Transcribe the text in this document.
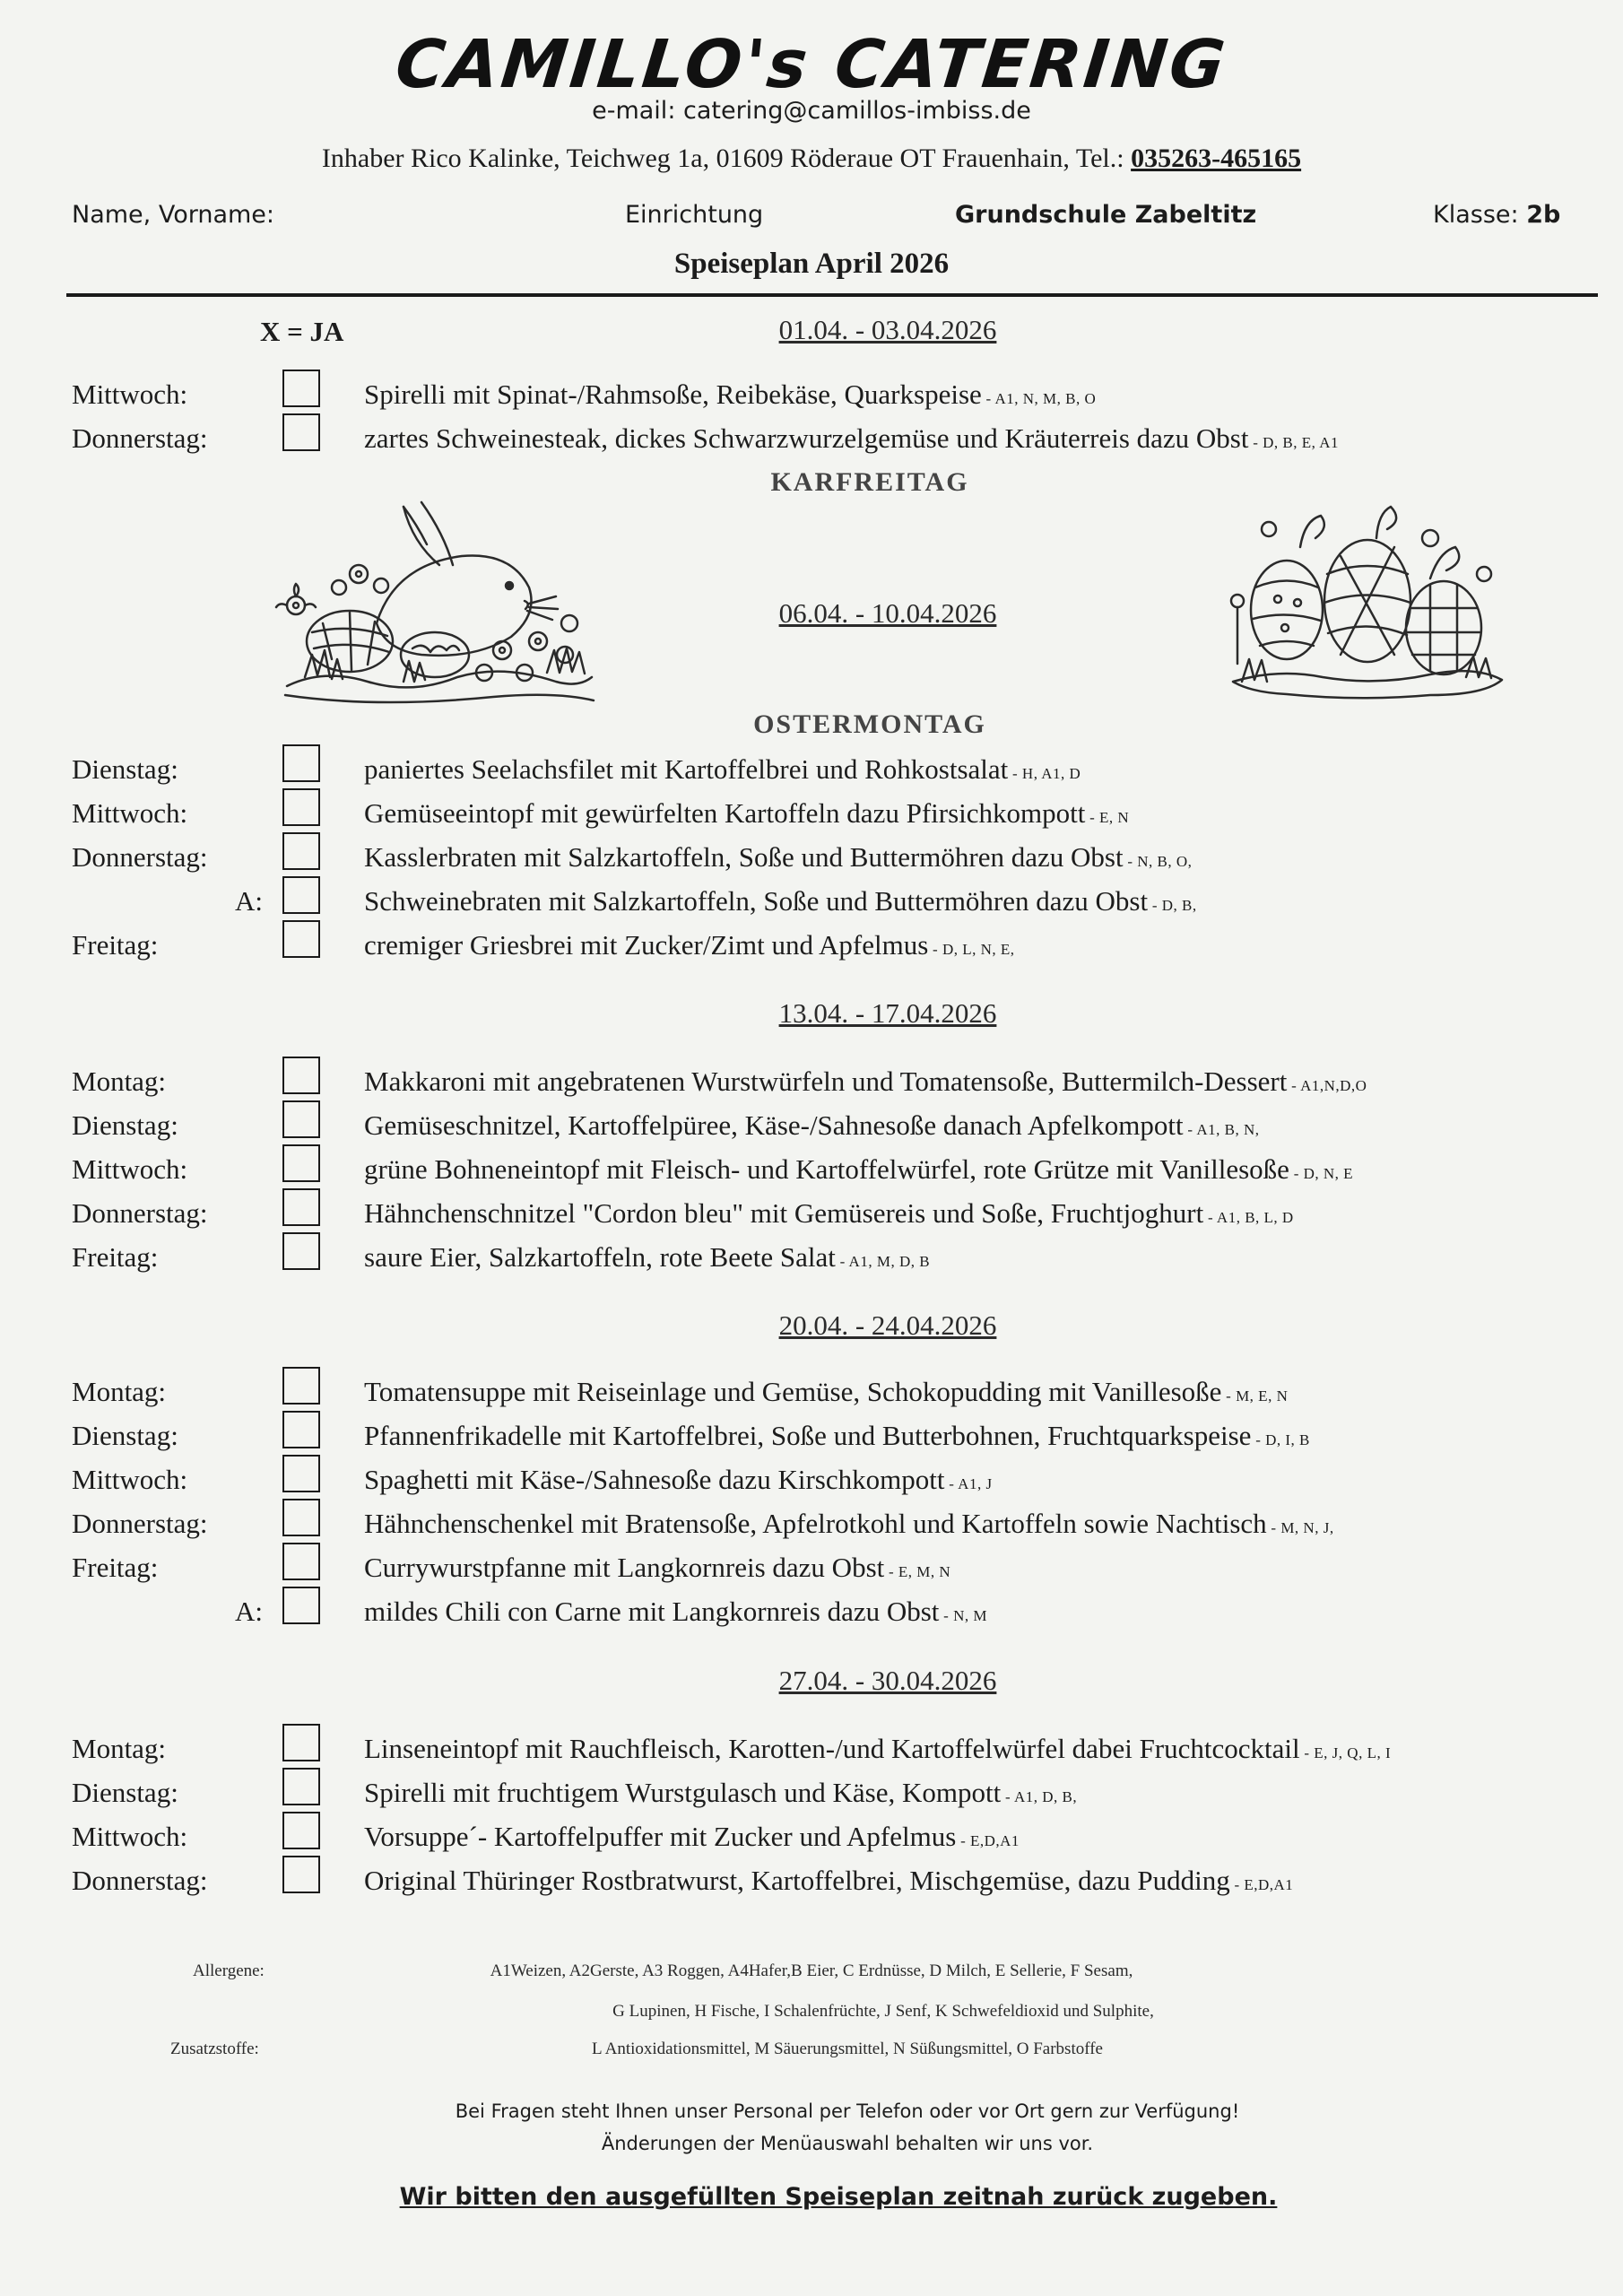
CAMILLO's CATERING
e-mail: catering@camillos-imbiss.de
Inhaber Rico Kalinke, Teichweg 1a, 01609 Röderaue OT Frauenhain, Tel.: 035263-465165
Name, Vorname:	Einrichtung	Grundschule Zabeltitz	Klasse: 2b
Speiseplan April 2026
X = JA	01.04. - 03.04.2026
Mittwoch:	Spirelli mit Spinat-/Rahmsoße, Reibekäse, Quarkspeise - A1, N, M, B, O
Donnerstag:	zartes Schweinesteak, dickes Schwarzwurzelgemüse und Kräuterreis dazu Obst - D, B, E, A1
KARFREITAG
06.04. - 10.04.2026
OSTERMONTAG
Dienstag:	paniertes Seelachsfilet mit Kartoffelbrei und Rohkostsalat - H, A1, D
Mittwoch:	Gemüseeintopf mit gewürfelten Kartoffeln dazu Pfirsichkompott - E, N
Donnerstag:	Kasslerbraten mit Salzkartoffeln, Soße und Buttermöhren dazu Obst - N, B, O,
A:	Schweinebraten mit Salzkartoffeln, Soße und Buttermöhren dazu Obst - D, B,
Freitag:	cremiger Griesbrei mit Zucker/Zimt und Apfelmus - D, L, N, E,
13.04. - 17.04.2026
Montag:	Makkaroni mit angebratenen Wurstwürfeln und Tomatensoße, Buttermilch-Dessert - A1,N,D,O
Dienstag:	Gemüseschnitzel, Kartoffelpüree, Käse-/Sahnesoße danach Apfelkompott - A1, B, N,
Mittwoch:	grüne Bohneneintopf mit Fleisch- und Kartoffelwürfel, rote Grütze mit Vanillesoße - D, N, E
Donnerstag:	Hähnchenschnitzel "Cordon bleu" mit Gemüsereis und Soße, Fruchtjoghurt - A1, B, L, D
Freitag:	saure Eier, Salzkartoffeln, rote Beete Salat - A1, M, D, B
20.04. - 24.04.2026
Montag:	Tomatensuppe mit Reiseinlage und Gemüse, Schokopudding mit Vanillesoße - M, E, N
Dienstag:	Pfannenfrikadelle mit Kartoffelbrei, Soße und Butterbohnen, Fruchtquarkspeise - D, I, B
Mittwoch:	Spaghetti mit Käse-/Sahnesoße dazu Kirschkompott - A1, J
Donnerstag:	Hähnchenschenkel mit Bratensoße, Apfelrotkohl und Kartoffeln sowie Nachtisch - M, N, J,
Freitag:	Currywurstpfanne mit Langkornreis dazu Obst - E, M, N
A:	mildes Chili con Carne mit Langkornreis dazu Obst - N, M
27.04. - 30.04.2026
Montag:	Linseneintopf mit Rauchfleisch, Karotten-/und Kartoffelwürfel dabei Fruchtcocktail - E, J, Q, L, I
Dienstag:	Spirelli mit fruchtigem Wurstgulasch und Käse, Kompott - A1, D, B,
Mittwoch:	Vorsuppe´- Kartoffelpuffer mit Zucker und Apfelmus - E,D,A1
Donnerstag:	Original Thüringer Rostbratwurst, Kartoffelbrei, Mischgemüse, dazu Pudding - E,D,A1
Allergene:	A1Weizen, A2Gerste, A3 Roggen, A4Hafer,B Eier, C Erdnüsse, D Milch, E Sellerie, F Sesam,
G Lupinen, H Fische, I Schalenfrüchte, J Senf, K Schwefeldioxid und Sulphite,
Zusatzstoffe:	L Antioxidationsmittel, M Säuerungsmittel, N Süßungsmittel, O Farbstoffe
Bei Fragen steht Ihnen unser Personal per Telefon oder vor Ort gern zur Verfügung!
Änderungen der Menüauswahl behalten wir uns vor.
Wir bitten den ausgefüllten Speiseplan zeitnah zurück zugeben.
